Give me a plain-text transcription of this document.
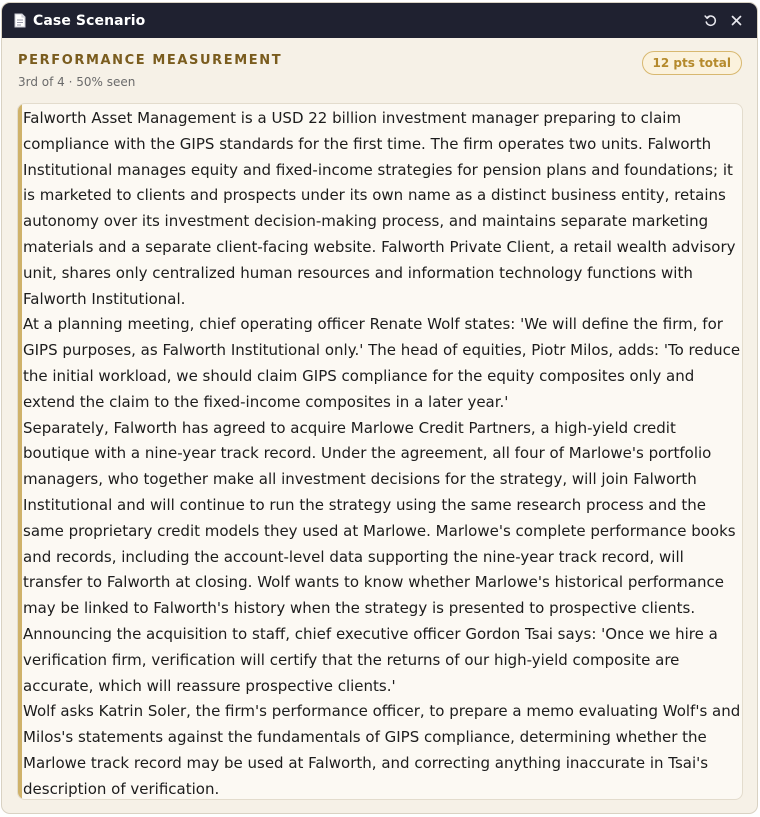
Case Scenario
PERFORMANCE MEASUREMENT
3rd of 4 · 50% seen
12 pts total

Falworth Asset Management is a USD 22 billion investment manager preparing to claim compliance with the GIPS standards for the first time. The firm operates two units. Falworth Institutional manages equity and fixed-income strategies for pension plans and foundations; it is marketed to clients and prospects under its own name as a distinct business entity, retains autonomy over its investment decision-making process, and maintains separate marketing materials and a separate client-facing website. Falworth Private Client, a retail wealth advisory unit, shares only centralized human resources and information technology functions with Falworth Institutional.

At a planning meeting, chief operating officer Renate Wolf states: 'We will define the firm, for GIPS purposes, as Falworth Institutional only.' The head of equities, Piotr Milos, adds: 'To reduce the initial workload, we should claim GIPS compliance for the equity composites only and extend the claim to the fixed-income composites in a later year.'

Separately, Falworth has agreed to acquire Marlowe Credit Partners, a high-yield credit boutique with a nine-year track record. Under the agreement, all four of Marlowe's portfolio managers, who together make all investment decisions for the strategy, will join Falworth Institutional and will continue to run the strategy using the same research process and the same proprietary credit models they used at Marlowe. Marlowe's complete performance books and records, including the account-level data supporting the nine-year track record, will transfer to Falworth at closing. Wolf wants to know whether Marlowe's historical performance may be linked to Falworth's history when the strategy is presented to prospective clients.

Announcing the acquisition to staff, chief executive officer Gordon Tsai says: 'Once we hire a verification firm, verification will certify that the returns of our high-yield composite are accurate, which will reassure prospective clients.'

Wolf asks Katrin Soler, the firm's performance officer, to prepare a memo evaluating Wolf's and Milos's statements against the fundamentals of GIPS compliance, determining whether the Marlowe track record may be used at Falworth, and correcting anything inaccurate in Tsai's description of verification.
